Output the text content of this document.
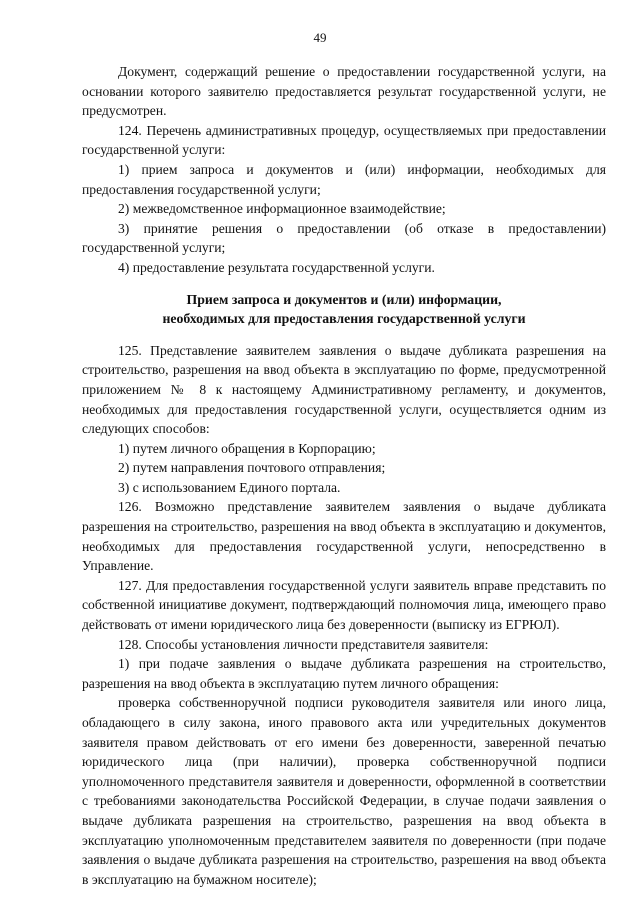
49

Документ, содержащий решение о предоставлении государственной услуги, на основании которого заявителю предоставляется результат государственной услуги, не предусмотрен.

124. Перечень административных процедур, осуществляемых при предоставлении государственной услуги:

1) прием запроса и документов и (или) информации, необходимых для предоставления государственной услуги;

2) межведомственное информационное взаимодействие;

3) принятие решения о предоставлении (об отказе в предоставлении) государственной услуги;

4) предоставление результата государственной услуги.

Прием запроса и документов и (или) информации,
необходимых для предоставления государственной услуги

125. Представление заявителем заявления о выдаче дубликата разрешения на строительство, разрешения на ввод объекта в эксплуатацию по форме, предусмотренной приложением № 8 к настоящему Административному регламенту, и документов, необходимых для предоставления государственной услуги, осуществляется одним из следующих способов:

1) путем личного обращения в Корпорацию;

2) путем направления почтового отправления;

3) с использованием Единого портала.

126. Возможно представление заявителем заявления о выдаче дубликата разрешения на строительство, разрешения на ввод объекта в эксплуатацию и документов, необходимых для предоставления государственной услуги, непосредственно в Управление.

127. Для предоставления государственной услуги заявитель вправе представить по собственной инициативе документ, подтверждающий полномочия лица, имеющего право действовать от имени юридического лица без доверенности (выписку из ЕГРЮЛ).

128. Способы установления личности представителя заявителя:

1) при подаче заявления о выдаче дубликата разрешения на строительство, разрешения на ввод объекта в эксплуатацию путем личного обращения:

проверка собственноручной подписи руководителя заявителя или иного лица, обладающего в силу закона, иного правового акта или учредительных документов заявителя правом действовать от его имени без доверенности, заверенной печатью юридического лица (при наличии), проверка собственноручной подписи уполномоченного представителя заявителя и доверенности, оформленной в соответствии с требованиями законодательства Российской Федерации, в случае подачи заявления о выдаче дубликата разрешения на строительство, разрешения на ввод объекта в эксплуатацию уполномоченным представителем заявителя по доверенности (при подаче заявления о выдаче дубликата разрешения на строительство, разрешения на ввод объекта в эксплуатацию на бумажном носителе);
